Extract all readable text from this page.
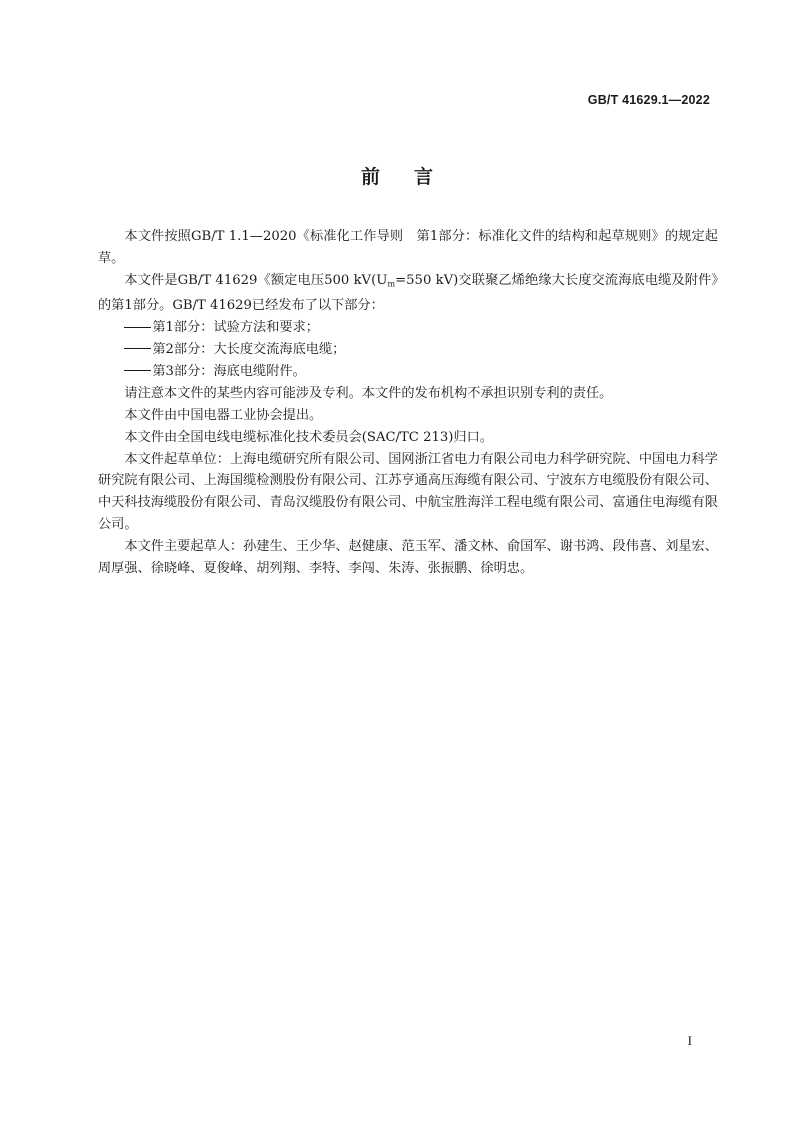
GB/T 41629.1—2022
前言

本文件按照GB/T 1.1—2020《标准化工作导则　第1部分：标准化文件的结构和起草规则》的规定起草。

本文件是GB/T 41629《额定电压500 $kV(U_m=550$ kV)交联聚乙烯绝缘大长度交流海底电缆及附件》的第1部分。GB/T 41629已经发布了以下部分：

第1部分：试验方法和要求；

第2部分：大长度交流海底电缆；

第3部分：海底电缆附件。

请注意本文件的某些内容可能涉及专利。本文件的发布机构不承担识别专利的责任。

本文件由中国电器工业协会提出。

本文件由全国电线电缆标准化技术委员会(SAC/TC 213)归口。

本文件起草单位：上海电缆研究所有限公司、国网浙江省电力有限公司电力科学研究院、中国电力科学研究院有限公司、上海国缆检测股份有限公司、江苏亨通高压海缆有限公司、宁波东方电缆股份有限公司、中天科技海缆股份有限公司、青岛汉缆股份有限公司、中航宝胜海洋工程电缆有限公司、富通住电海缆有限公司。

本文件主要起草人：孙建生、王少华、赵健康、范玉军、潘文林、俞国军、谢书鸿、段伟喜、刘星宏、周厚强、徐晓峰、夏俊峰、胡列翔、李特、李闯、朱涛、张振鹏、徐明忠。

I
